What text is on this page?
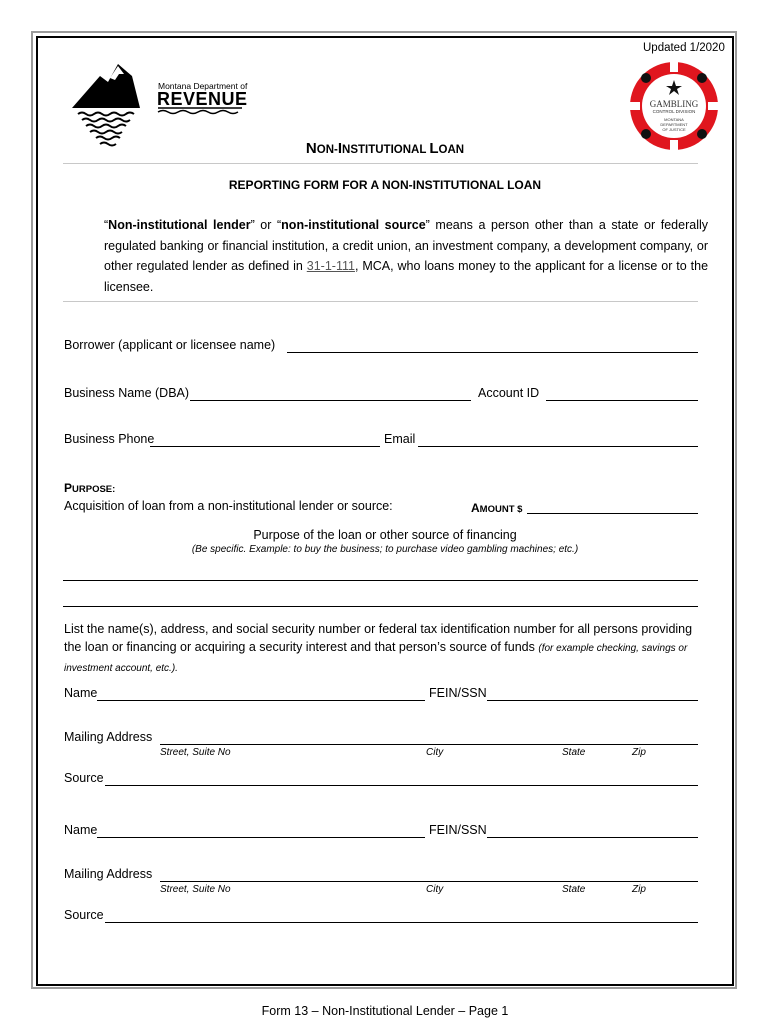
Updated 1/2020
Montana Department of
REVENUE	GAMBLING
CONTROL DIVISION
MONTANA
DEPARTMENT
OF JUSTICE
NON-INSTITUTIONAL LOAN
REPORTING FORM FOR A NON-INSTITUTIONAL LOAN
“Non-institutional lender” or “non-institutional source” means a person other than a state or federally regulated banking or financial institution, a credit union, an investment company, a development company, or other regulated lender as defined in 31-1-111, MCA, who loans money to the applicant for a license or to the licensee.
Borrower (applicant or licensee name)
Business Name (DBA)	Account ID
Business Phone	Email
PURPOSE:
Acquisition of loan from a non-institutional lender or source:	AMOUNT $
Purpose of the loan or other source of financing
(Be specific. Example: to buy the business; to purchase video gambling machines; etc.)
List the name(s), address, and social security number or federal tax identification number for all persons providing the loan or financing or acquiring a security interest and that person’s source of funds (for example checking, savings or investment account, etc.).
Name	FEIN/SSN
Mailing Address
Street, Suite No	City	State	Zip
Source
Name	FEIN/SSN
Mailing Address
Street, Suite No	City	State	Zip
Source
Form 13 – Non-Institutional Lender – Page 1
